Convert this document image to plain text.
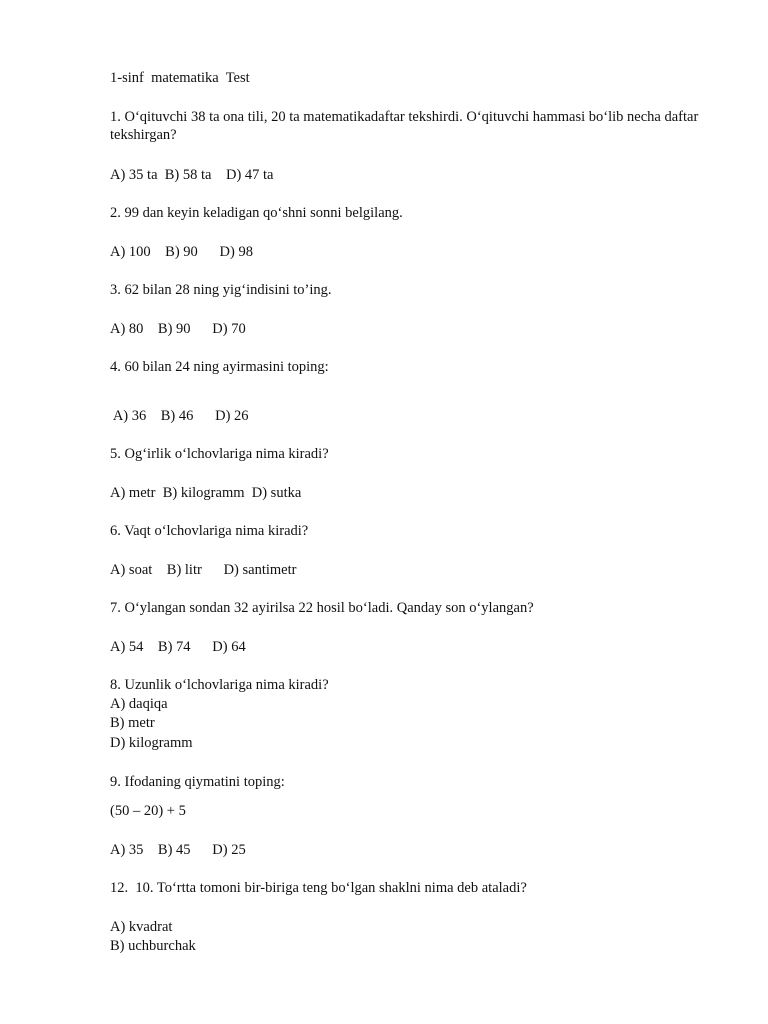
1-sinf  matematika  Test
1. O‘qituvchi 38 ta ona tili, 20 ta matematikadaftar tekshirdi. O‘qituvchi hammasi bo‘lib necha daftar tekshirgan?
A) 35 ta  B) 58 ta    D) 47 ta
2. 99 dan keyin keladigan qo‘shni sonni belgilang.
A) 100    B) 90      D) 98
3. 62 bilan 28 ning yig‘indisini to’ing.
A) 80    B) 90      D) 70
4. 60 bilan 24 ning ayirmasini toping:
A) 36    B) 46      D) 26
5. Og‘irlik o‘lchovlariga nima kiradi?
A) metr  B) kilogramm  D) sutka
6. Vaqt o‘lchovlariga nima kiradi?
A) soat    B) litr      D) santimetr
7. O‘ylangan sondan 32 ayirilsa 22 hosil bo‘ladi. Qanday son o‘ylangan?
A) 54    B) 74      D) 64
8. Uzunlik o‘lchovlariga nima kiradi?
A) daqiqa
B) metr
D) kilogramm
9. Ifodaning qiymatini toping:
(50 – 20) + 5
A) 35    B) 45      D) 25
12.  10. To‘rtta tomoni bir-biriga teng bo‘lgan shaklni nima deb ataladi?
A) kvadrat
B) uchburchak
